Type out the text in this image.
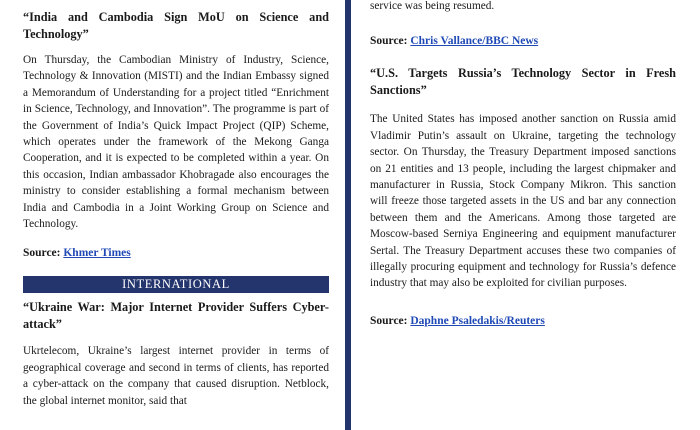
“India and Cambodia Sign MoU on Science and Technology”

On Thursday, the Cambodian Ministry of Industry, Science, Technology & Innovation (MISTI) and the Indian Embassy signed a Memorandum of Understanding for a project titled “Enrichment in Science, Technology, and Innovation”. The programme is part of the Government of India’s Quick Impact Project (QIP) Scheme, which operates under the framework of the Mekong Ganga Cooperation, and it is expected to be completed within a year. On this occasion, Indian ambassador Khobragade also encourages the ministry to consider establishing a formal mechanism between India and Cambodia in a Joint Working Group on Science and Technology.

Source: Khmer Times

INTERNATIONAL

“Ukraine War: Major Internet Provider Suffers Cyber-attack”

Ukrtelecom, Ukraine’s largest internet provider in terms of geographical coverage and second in terms of clients, has reported a cyber-attack on the company that caused disruption. Netblock, the global internet monitor, said that

service was being resumed.

Source: Chris Vallance/BBC News

“U.S. Targets Russia’s Technology Sector in Fresh Sanctions”

The United States has imposed another sanction on Russia amid Vladimir Putin’s assault on Ukraine, targeting the technology sector. On Thursday, the Treasury Department imposed sanctions on 21 entities and 13 people, including the largest chipmaker and manufacturer in Russia, Stock Company Mikron. This sanction will freeze those targeted assets in the US and bar any connection between them and the Americans. Among those targeted are Moscow-based Serniya Engineering and equipment manufacturer Sertal. The Treasury Department accuses these two companies of illegally procuring equipment and technology for Russia’s defence industry that may also be exploited for civilian purposes.

Source: Daphne Psaledakis/Reuters
